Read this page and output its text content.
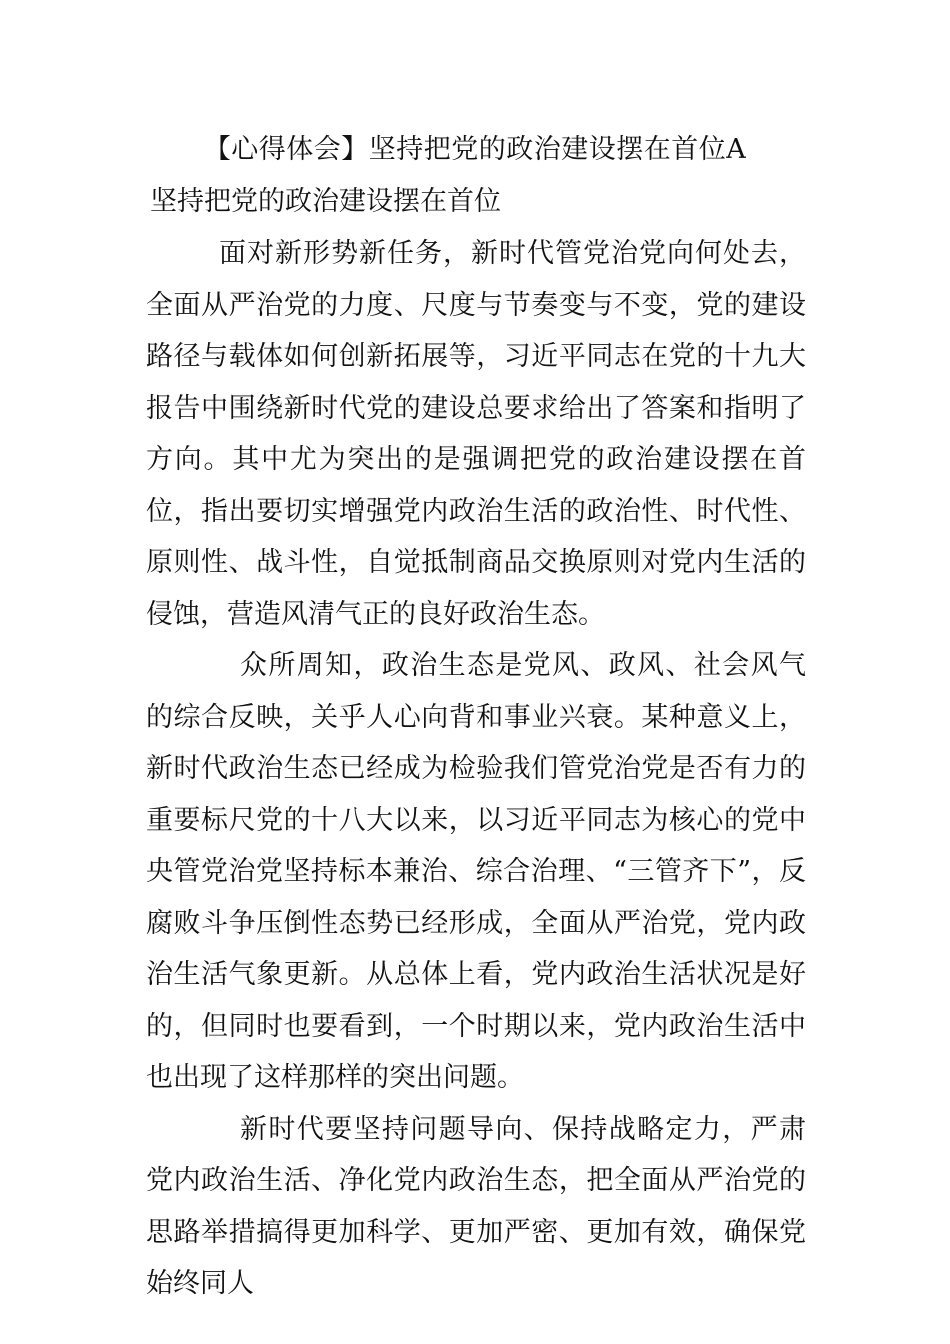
【心得体会】坚持把党的政治建设摆在首位A
坚持把党的政治建设摆在首位

面对新形势新任务，新时代管党治党向何处去，全面从严治党的力度、尺度与节奏变与不变，党的建设路径与载体如何创新拓展等，习近平同志在党的十九大报告中围绕新时代党的建设总要求给出了答案和指明了方向。其中尤为突出的是强调把党的政治建设摆在首位，指出要切实增强党内政治生活的政治性、时代性、原则性、战斗性，自觉抵制商品交换原则对党内生活的侵蚀，营造风清气正的良好政治生态。

众所周知，政治生态是党风、政风、社会风气的综合反映，关乎人心向背和事业兴衰。某种意义上，新时代政治生态已经成为检验我们管党治党是否有力的重要标尺党的十八大以来，以习近平同志为核心的党中央管党治党坚持标本兼治、综合治理、“三管齐下”，反腐败斗争压倒性态势已经形成，全面从严治党，党内政治生活气象更新。从总体上看，党内政治生活状况是好的，但同时也要看到，一个时期以来，党内政治生活中也出现了这样那样的突出问题。

新时代要坚持问题导向、保持战略定力，严肃党内政治生活、净化党内政治生态，把全面从严治党的思路举措搞得更加科学、更加严密、更加有效，确保党始终同人
